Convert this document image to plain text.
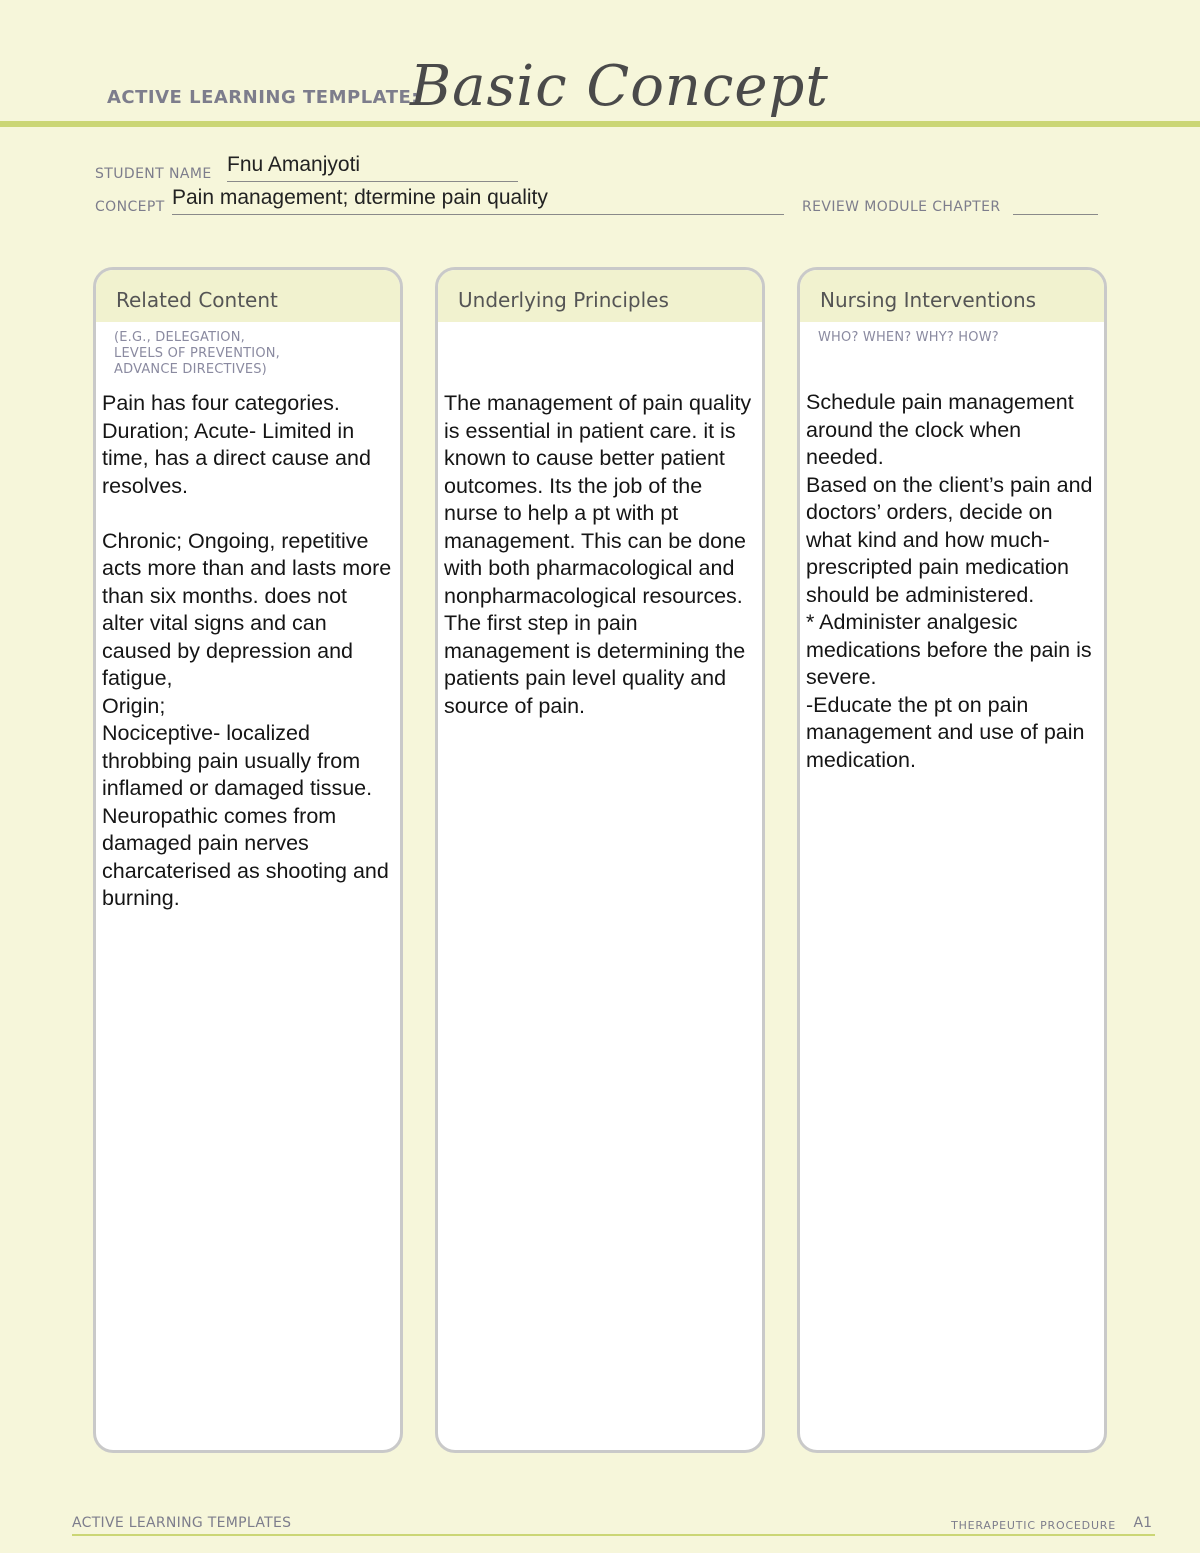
ACTIVE LEARNING TEMPLATE:
Basic Concept
STUDENT NAME Fnu Amanjyoti
CONCEPT Pain management; dtermine pain quality	REVIEW MODULE CHAPTER
Related Content
(E.G., DELEGATION,
LEVELS OF PREVENTION,
ADVANCE DIRECTIVES)

Pain has four categories.

Duration; Acute- Limited in time, has a direct cause and resolves.

Chronic; Ongoing, repetitive acts more than and lasts more than six months. does not alter vital signs and can caused by depression and fatigue,

Origin;

Nociceptive- localized throbbing pain usually from inflamed or damaged tissue.

Neuropathic comes from damaged pain nerves charcaterised as shooting and burning.

Underlying Principles

The management of pain quality is essential in patient care. it is known to cause better patient outcomes. Its the job of the nurse to help a pt with pt management. This can be done with both pharmacological and nonpharmacological resources. The first step in pain management is determining the patients pain level quality and source of pain.

Nursing Interventions
WHO? WHEN? WHY? HOW?

Schedule pain management around the clock when needed.

Based on the client’s pain and doctors’ orders, decide on what kind and how much-prescripted pain medication should be administered.

* Administer analgesic medications before the pain is severe.

-Educate the pt on pain management and use of pain medication.

ACTIVE LEARNING TEMPLATES	THERAPEUTIC PROCEDURE A1
